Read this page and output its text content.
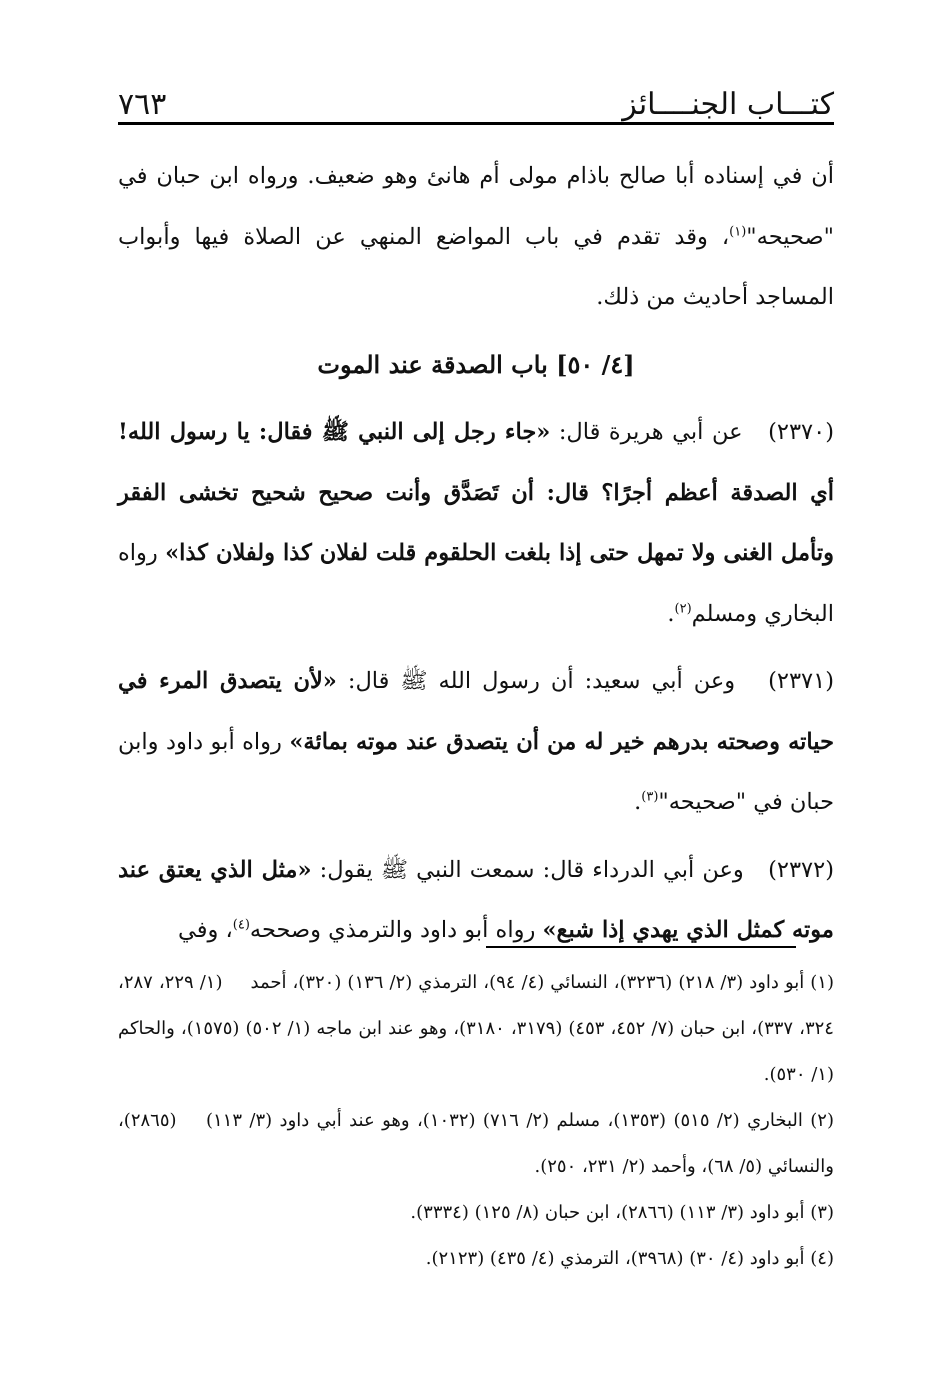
كتـــاب الجنــــائز
٧٦٣

أن في إسناده أبا صالح باذام مولى أم هانئ وهو ضعيف. ورواه ابن حبان في "صحيحه"$^{(١)}$، وقد تقدم في باب المواضع المنهي عن الصلاة فيها وأبواب المساجد أحاديث من ذلك.

[٤/ ٥٠] باب الصدقة عند الموت

(٢٣٧٠)   عن أبي هريرة قال: «جاء رجل إلى النبي ﷺ فقال: يا رسول الله! أي الصدقة أعظم أجرًا؟ قال: أن تَصَدَّق وأنت صحيح شحيح تخشى الفقر وتأمل الغنى ولا تمهل حتى إذا بلغت الحلقوم قلت لفلان كذا ولفلان كذا» رواه البخاري ومسلم$^{(٢)}$.

(٢٣٧١)   وعن أبي سعيد: أن رسول الله ﷺ قال: «لأن يتصدق المرء في حياته وصحته بدرهم خير له من أن يتصدق عند موته بمائة» رواه أبو داود وابن حبان في "صحيحه"$^{(٣)}$.

(٢٣٧٢)   وعن أبي الدرداء قال: سمعت النبي ﷺ يقول: «مثل الذي يعتق عند موته كمثل الذي يهدي إذا شبع» رواه أبو داود والترمذي وصححه$^{(٤)}$، وفي

(١) أبو داود (٣/ ٢١٨) (٣٢٣٦)، النسائي (٤/ ٩٤)، الترمذي (٢/ ١٣٦) (٣٢٠)، أحمد (١/ ٢٢٩، ٢٨٧، ٣٢٤، ٣٣٧)، ابن حبان (٧/ ٤٥٢، ٤٥٣) (٣١٧٩، ٣١٨٠)، وهو عند ابن ماجه (١/ ٥٠٢) (١٥٧٥)، والحاكم (١/ ٥٣٠).

(٢) البخاري (٢/ ٥١٥) (١٣٥٣)، مسلم (٢/ ٧١٦) (١٠٣٢)، وهو عند أبي داود (٣/ ١١٣) (٢٨٦٥)، والنسائي (٥/ ٦٨)، وأحمد (٢/ ٢٣١، ٢٥٠).

(٣) أبو داود (٣/ ١١٣) (٢٨٦٦)، ابن حبان (٨/ ١٢٥) (٣٣٣٤).

(٤) أبو داود (٤/ ٣٠) (٣٩٦٨)، الترمذي (٤/ ٤٣٥) (٢١٢٣).
